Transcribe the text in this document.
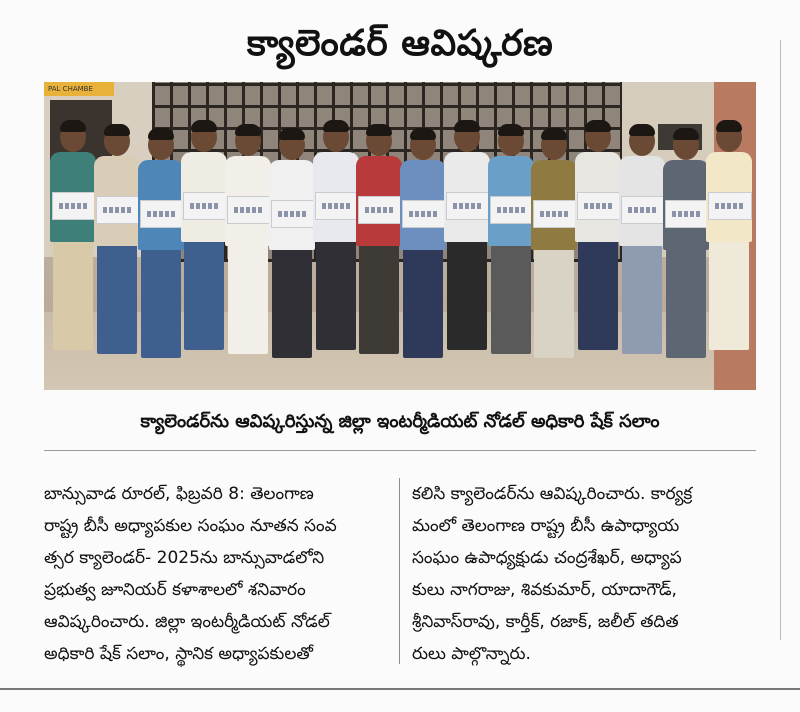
క్యాలెండర్ ఆవిష్కరణ
PAL CHAMBE
క్యాలెండర్‌ను ఆవిష్కరిస్తున్న జిల్లా ఇంటర్మీడియట్ నోడల్ అధికారి షేక్ సలాం
బాన్సువాడ రూరల్, ఫిబ్రవరి 8: తెలంగాణ
రాష్ట్ర బీసీ అధ్యాపకుల సంఘం నూతన సంవ
త్సర క్యాలెండర్- 2025ను బాన్సువాడలోని
ప్రభుత్వ జూనియర్ కళాశాలలో శనివారం
ఆవిష్కరించారు. జిల్లా ఇంటర్మీడియట్ నోడల్
అధికారి షేక్ సలాం, స్థానిక అధ్యాపకులతో
కలిసి క్యాలెండర్‌ను ఆవిష్కరించారు. కార్యక్ర
మంలో తెలంగాణ రాష్ట్ర బీసీ ఉపాధ్యాయ
సంఘం ఉపాధ్యక్షుడు చంద్రశేఖర్, అధ్యాప
కులు నాగరాజు, శివకుమార్, యాదాగౌడ్,
శ్రీనివాస్‌రావు, కార్తీక్, రజాక్, జలీల్ తదిత
రులు పాల్గొన్నారు.
